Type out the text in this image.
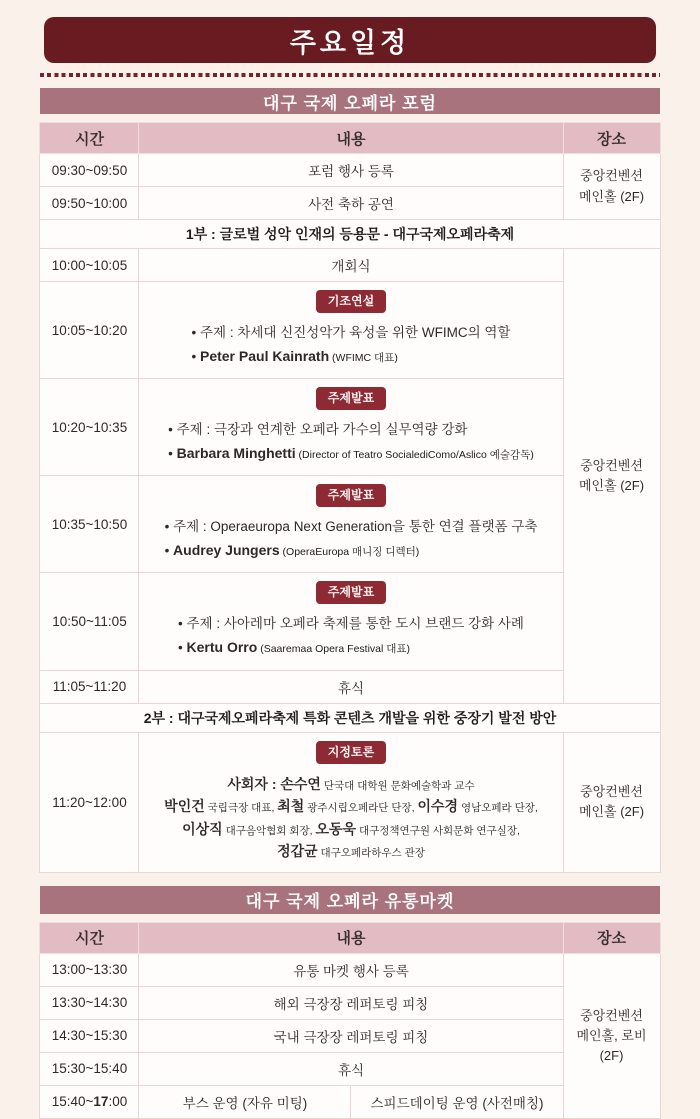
주요일정
대구 국제 오페라 포럼
시간	내용	장소
09:30~09:50	포럼 행사 등록	중앙컨벤션 메인홀 (2F)
09:50~10:00	사전 축하 공연	
1부 : 글로벌 성악 인재의 등용문 - 대구국제오페라축제		
10:00~10:05	개회식	중앙컨벤션 메인홀 (2F)
10:05~10:20	기조연설

• 주제 : 차세대 신진성악가 육성을 위한 WFIMC의 역할
• Peter Paul Kainrath (WFIMC 대표)	

10:20~10:35	주제발표

• 주제 : 극장과 연계한 오페라 가수의 실무역량 강화
• Barbara Minghetti (Director of Teatro SocialediComo/Aslico 예술감독)	

10:35~10:50	주제발표

• 주제 : Operaeuropa Next Generation을 통한 연결 플랫폼 구축
• Audrey Jungers (OperaEuropa 매니징 디렉터)	

10:50~11:05	주제발표

• 주제 : 사아레마 오페라 축제를 통한 도시 브랜드 강화 사례
• Kertu Orro (Saaremaa Opera Festival 대표)	

11:05~11:20	휴식	
2부 : 대구국제오페라축제 특화 콘텐츠 개발을 위한 중장기 발전 방안		
11:20~12:00	지정토론

사회자 : 손수연 단국대 대학원 문화예술학과 교수
박인건 국립극장 대표, 최철 광주시립오페라단 단장, 이수경 영남오페라 단장,
이상직 대구음악협회 회장, 오동욱 대구정책연구원 사회문화 연구실장,
정갑균 대구오페라하우스 관장	중앙컨벤션 메인홀 (2F)
대구 국제 오페라 유통마켓
시간	내용		장소
13:00~13:30	유통 마켓 행사 등록		중앙컨벤션 메인홀, 로비 (2F)
13:30~14:30	해외 극장장 레퍼토링 피칭		
14:30~15:30	국내 극장장 레퍼토링 피칭		
15:30~15:40	휴식		
15:40~17:00	부스 운영 (자유 미팅)	스피드데이팅 운영 (사전매칭)	
